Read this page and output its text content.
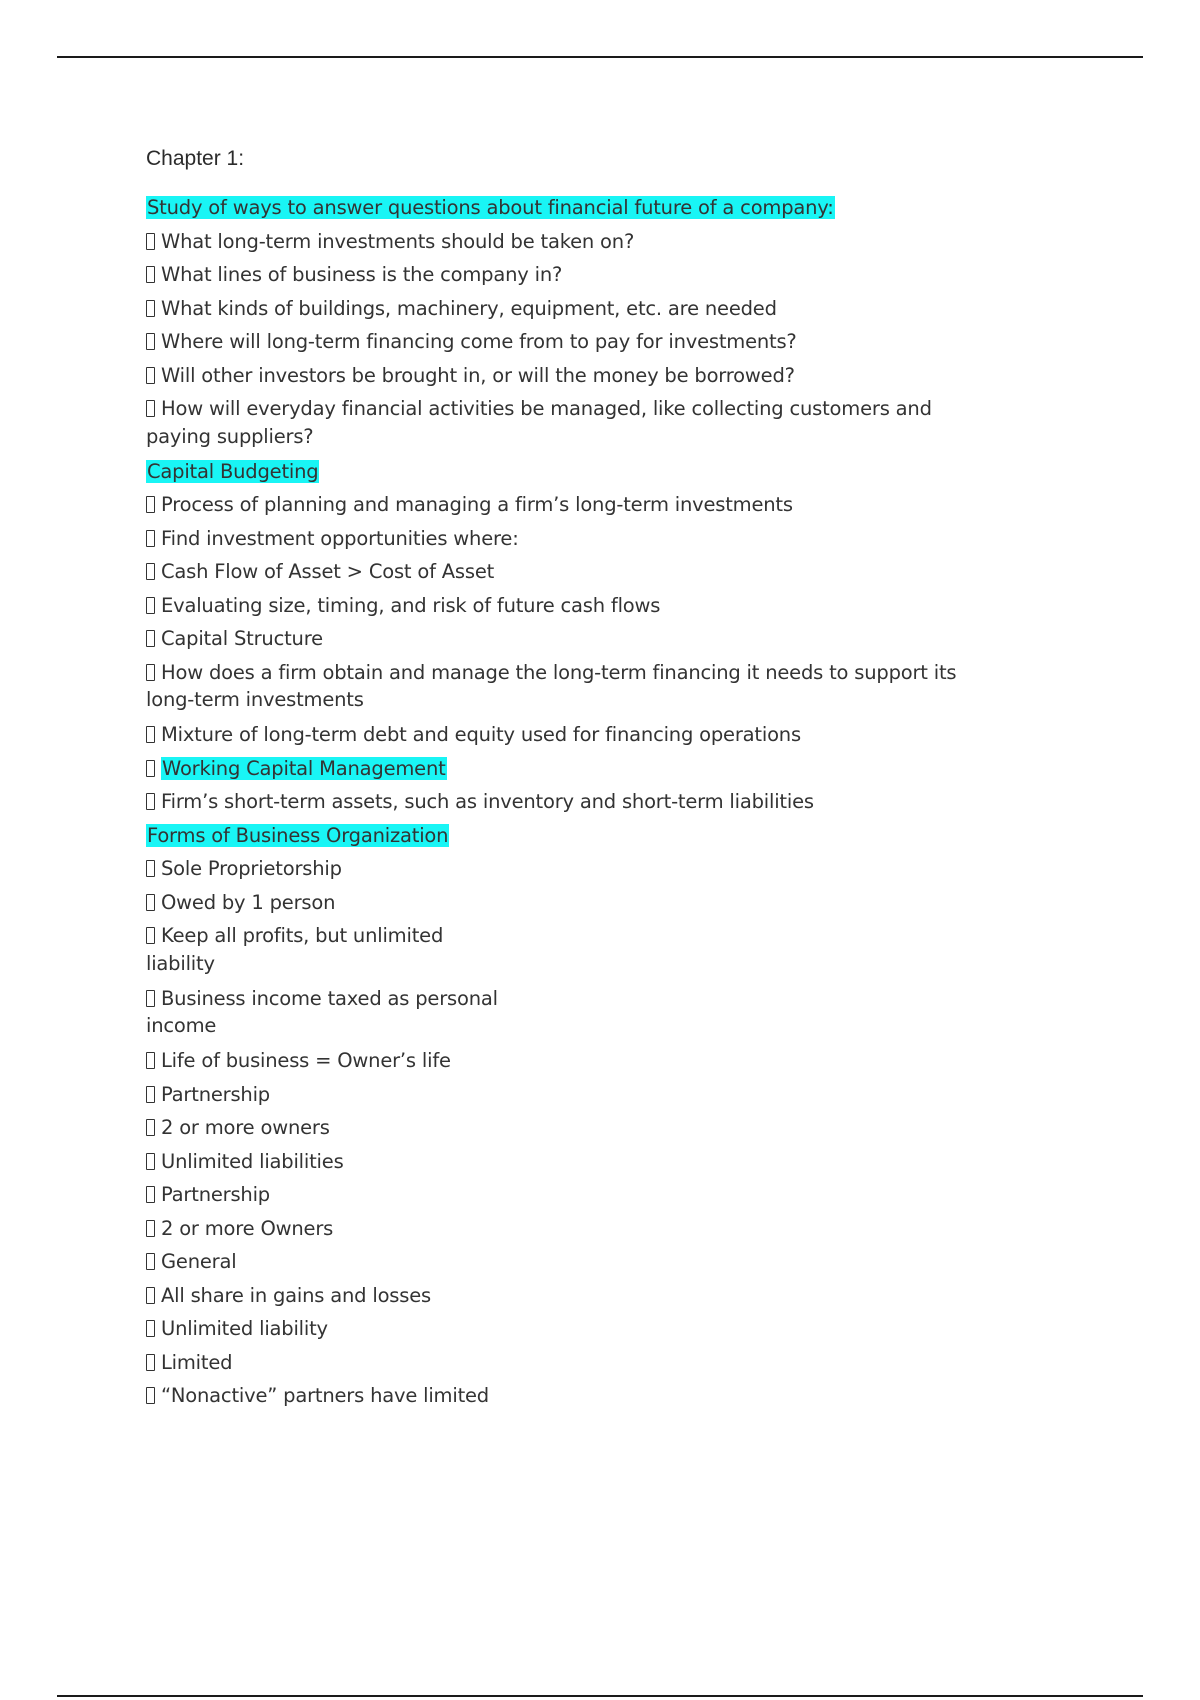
Chapter 1:
Study of ways to answer questions about financial future of a company:
What long-term investments should be taken on?
What lines of business is the company in?
What kinds of buildings, machinery, equipment, etc. are needed
Where will long-term financing come from to pay for investments?
Will other investors be brought in, or will the money be borrowed?
How will everyday financial activities be managed, like collecting customers and
paying suppliers?
Capital Budgeting
Process of planning and managing a firm’s long-term investments
Find investment opportunities where:
Cash Flow of Asset > Cost of Asset
Evaluating size, timing, and risk of future cash flows
Capital Structure
How does a firm obtain and manage the long-term financing it needs to support its
long-term investments
Mixture of long-term debt and equity used for financing operations
Working Capital Management
Firm’s short-term assets, such as inventory and short-term liabilities
Forms of Business Organization
Sole Proprietorship
Owed by 1 person
Keep all profits, but unlimited
liability
Business income taxed as personal
income
Life of business = Owner’s life
Partnership
2 or more owners
Unlimited liabilities
Partnership
2 or more Owners
General
All share in gains and losses
Unlimited liability
Limited
“Nonactive” partners have limited
